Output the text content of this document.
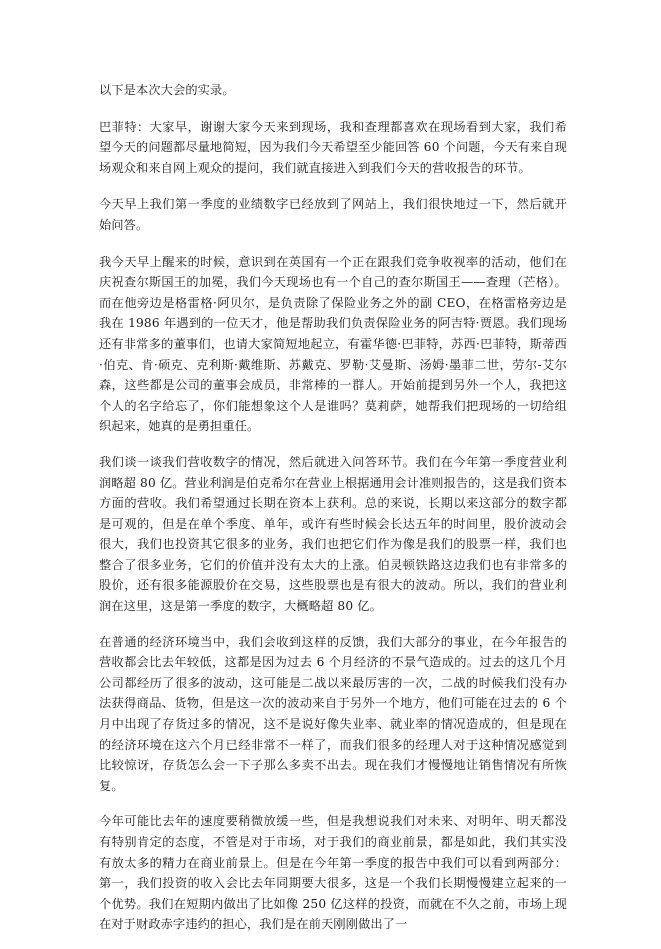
以下是本次大会的实录。

巴菲特：大家早，谢谢大家今天来到现场，我和查理都喜欢在现场看到大家，我们希望今天的问题都尽量地简短，因为我们今天希望至少能回答 60 个问题，今天有来自现场观众和来自网上观众的提问，我们就直接进入到我们今天的营收报告的环节。

今天早上我们第一季度的业绩数字已经放到了网站上，我们很快地过一下，然后就开始问答。

我今天早上醒来的时候，意识到在英国有一个正在跟我们竞争收视率的活动，他们在庆祝查尔斯国王的加冕，我们今天现场也有一个自己的查尔斯国王——查理（芒格）。而在他旁边是格雷格·阿贝尔，是负责除了保险业务之外的副 CEO，在格雷格旁边是我在 1986 年遇到的一位天才，他是帮助我们负责保险业务的阿吉特·贾恩。我们现场还有非常多的董事们，也请大家简短地起立，有霍华德·巴菲特，苏西·巴菲特，斯蒂西·伯克、肯·硕克、克利斯·戴维斯、苏戴克、罗勒·艾曼斯、汤姆·墨菲二世，劳尔-艾尔森，这些都是公司的董事会成员，非常棒的一群人。开始前提到另外一个人，我把这个人的名字给忘了，你们能想象这个人是谁吗？莫莉萨，她帮我们把现场的一切给组织起来，她真的是勇担重任。

我们谈一谈我们营收数字的情况，然后就进入问答环节。我们在今年第一季度营业利润略超 80 亿。营业利润是伯克希尔在营业上根据通用会计准则报告的，这是我们资本方面的营收。我们希望通过长期在资本上获利。总的来说，长期以来这部分的数字都是可观的，但是在单个季度、单年，或许有些时候会长达五年的时间里，股价波动会很大，我们也投资其它很多的业务，我们也把它们作为像是我们的股票一样，我们也整合了很多业务，它们的价值并没有太大的上涨。伯灵顿铁路这边我们也有非常多的股价，还有很多能源股价在交易，这些股票也是有很大的波动。所以，我们的营业利润在这里，这是第一季度的数字，大概略超 80 亿。

在普通的经济环境当中，我们会收到这样的反馈，我们大部分的事业，在今年报告的营收都会比去年较低，这都是因为过去 6 个月经济的不景气造成的。过去的这几个月公司都经历了很多的波动，这可能是二战以来最厉害的一次，二战的时候我们没有办法获得商品、货物，但是这一次的波动来自于另外一个地方，他们可能在过去的 6 个月中出现了存货过多的情况，这不是说好像失业率、就业率的情况造成的，但是现在的经济环境在这六个月已经非常不一样了，而我们很多的经理人对于这种情况感觉到比较惊讶，存货怎么会一下子那么多卖不出去。现在我们才慢慢地让销售情况有所恢复。

今年可能比去年的速度要稍微放缓一些，但是我想说我们对未来、对明年、明天都没有特别肯定的态度，不管是对于市场，对于我们的商业前景，都是如此，我们其实没有放太多的精力在商业前景上。但是在今年第一季度的报告中我们可以看到两部分：第一，我们投资的收入会比去年同期要大很多，这是一个我们长期慢慢建立起来的一个优势。我们在短期内做出了比如像 250 亿这样的投资，而就在不久之前，市场上现在对于财政赤字违约的担心，我们是在前天刚刚做出了一
